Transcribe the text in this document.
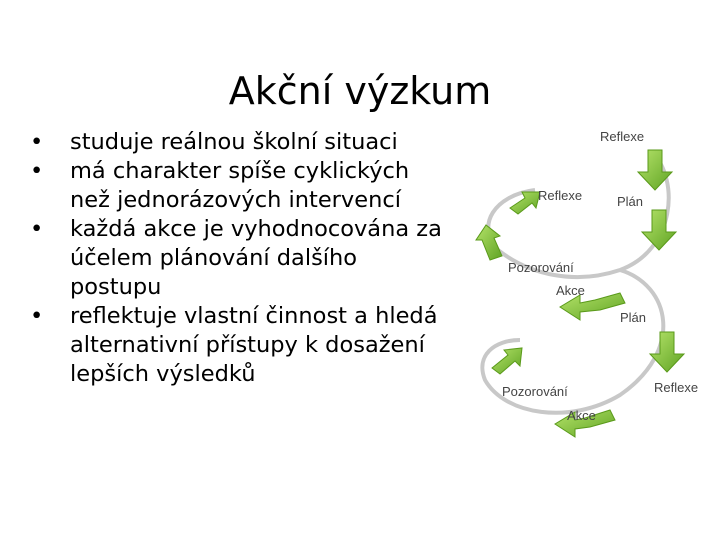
Akční výzkum
• studuje reálnou školní situaci
• má charakter spíše cyklických než jednorázových intervencí
• každá akce je vyhodnocována za účelem plánování dalšího postupu
• reflektuje vlastní činnost a hledá alternativní přístupy k dosažení lepších výsledků
Reflexe
Reflexe	Plán
Pozorování
Akce
Plán
Pozorování	Reflexe
Akce
